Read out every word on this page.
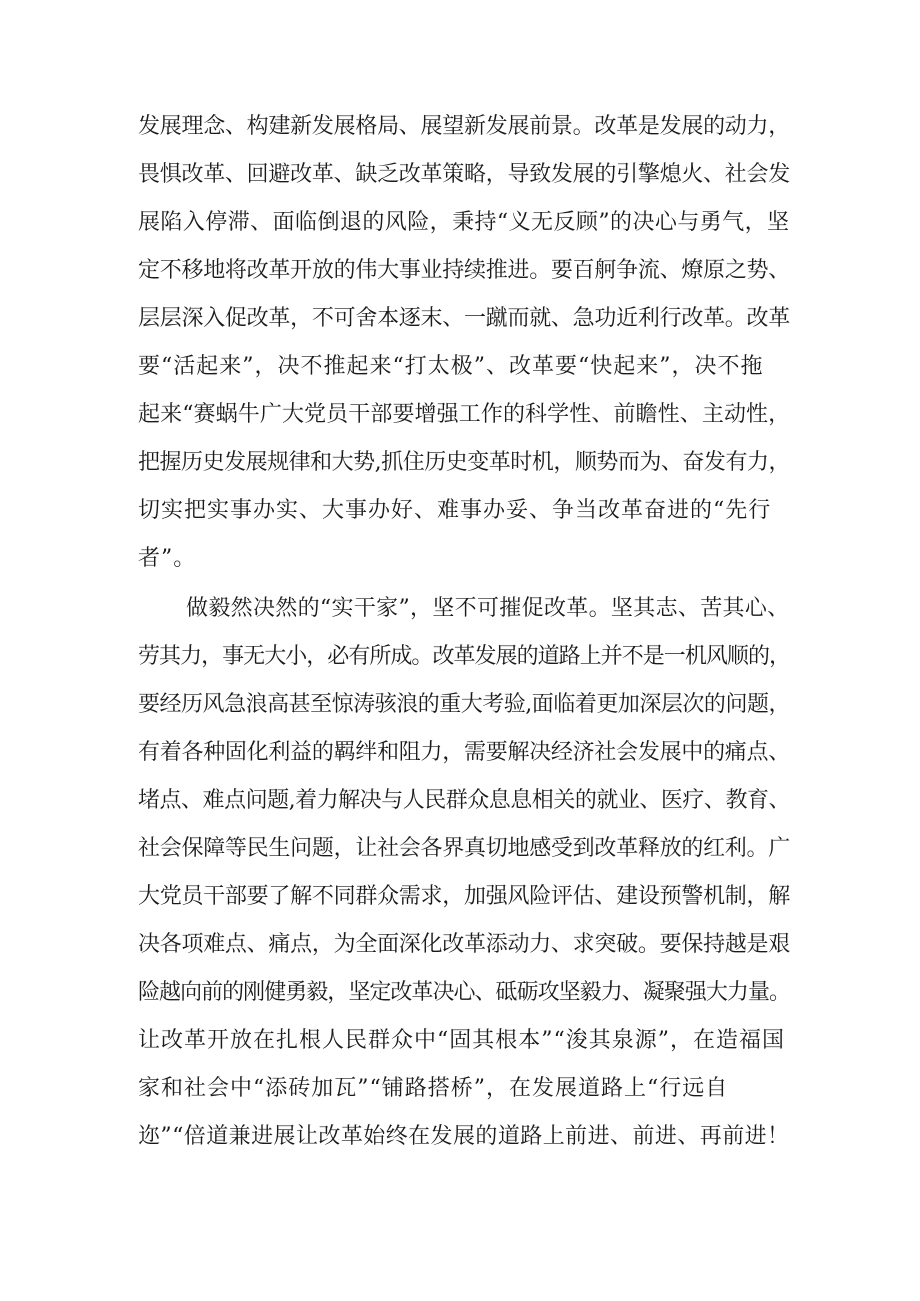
发展理念、构建新发展格局、展望新发展前景。改革是发展的动力，
畏惧改革、回避改革、缺乏改革策略，导致发展的引擎熄火、社会发
展陷入停滞、面临倒退的风险，秉持“义无反顾”的决心与勇气，坚
定不移地将改革开放的伟大事业持续推进。要百舸争流、燎原之势、
层层深入促改革，不可舍本逐末、一蹴而就、急功近利行改革。改革
要“活起来”，决不推起来“打太极”、改革要“快起来”，决不拖
起来“赛蜗牛广大党员干部要增强工作的科学性、前瞻性、主动性，
把握历史发展规律和大势,抓住历史变革时机，顺势而为、奋发有力，
切实把实事办实、大事办好、难事办妥、争当改革奋进的“先行
者”。
做毅然决然的“实干家”，坚不可摧促改革。坚其志、苦其心、
劳其力，事无大小，必有所成。改革发展的道路上并不是一机风顺的，
要经历风急浪高甚至惊涛骇浪的重大考验,面临着更加深层次的问题，
有着各种固化利益的羁绊和阻力，需要解决经济社会发展中的痛点、
堵点、难点问题,着力解决与人民群众息息相关的就业、医疗、教育、
社会保障等民生问题，让社会各界真切地感受到改革释放的红利。广
大党员干部要了解不同群众需求，加强风险评估、建设预警机制，解
决各项难点、痛点，为全面深化改革添动力、求突破。要保持越是艰
险越向前的刚健勇毅，坚定改革决心、砥砺攻坚毅力、凝聚强大力量。
让改革开放在扎根人民群众中“固其根本”“浚其泉源”，在造福国
家和社会中“添砖加瓦”“铺路搭桥”，在发展道路上“行远自
迩”“倍道兼进展让改革始终在发展的道路上前进、前进、再前进！
